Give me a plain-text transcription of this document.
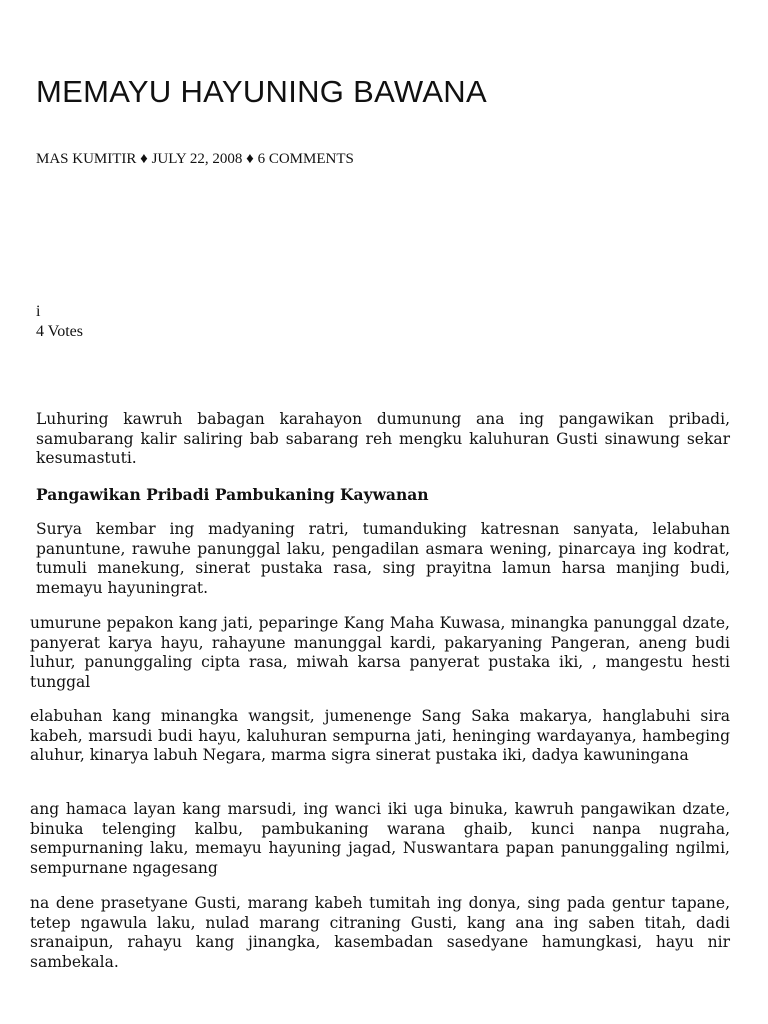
MEMAYU HAYUNING BAWANA
MAS KUMITIR ♦ JULY 22, 2008 ♦ 6 COMMENTS
i
4 Votes
Luhuring kawruh babagan karahayon dumunung ana ing pangawikan pribadi, samubarang kalir saliring bab sabarang reh mengku kaluhuran Gusti sinawung sekar kesumastuti.
Pangawikan Pribadi Pambukaning Kaywanan
Surya kembar ing madyaning ratri, tumanduking katresnan sanyata, lelabuhan panuntune, rawuhe panunggal laku, pengadilan asmara wening, pinarcaya ing kodrat, tumuli manekung, sinerat pustaka rasa, sing prayitna lamun harsa manjing budi, memayu hayuningrat.
umurune pepakon kang jati, peparinge Kang Maha Kuwasa, minangka panunggal dzate, panyerat karya hayu, rahayune manunggal kardi, pakaryaning Pangeran, aneng budi luhur, panunggaling cipta rasa, miwah karsa panyerat pustaka iki, , mangestu hesti tunggal
elabuhan kang minangka wangsit, jumenenge Sang Saka makarya, hanglabuhi sira kabeh, marsudi budi hayu, kaluhuran sempurna jati, heninging wardayanya, hambeging aluhur, kinarya labuh Negara, marma sigra sinerat pustaka iki, dadya kawuningana
ang hamaca layan kang marsudi, ing wanci iki uga binuka, kawruh pangawikan dzate, binuka telenging kalbu, pambukaning warana ghaib, kunci nanpa nugraha, sempurnaning laku, memayu hayuning jagad, Nuswantara papan panunggaling ngilmi, sempurnane ngagesang
na dene prasetyane Gusti, marang kabeh tumitah ing donya, sing pada gentur tapane, tetep ngawula laku, nulad marang citraning Gusti, kang ana ing saben titah, dadi sranaipun, rahayu kang jinangka, kasembadan sasedyane hamungkasi, hayu nir sambekala.
